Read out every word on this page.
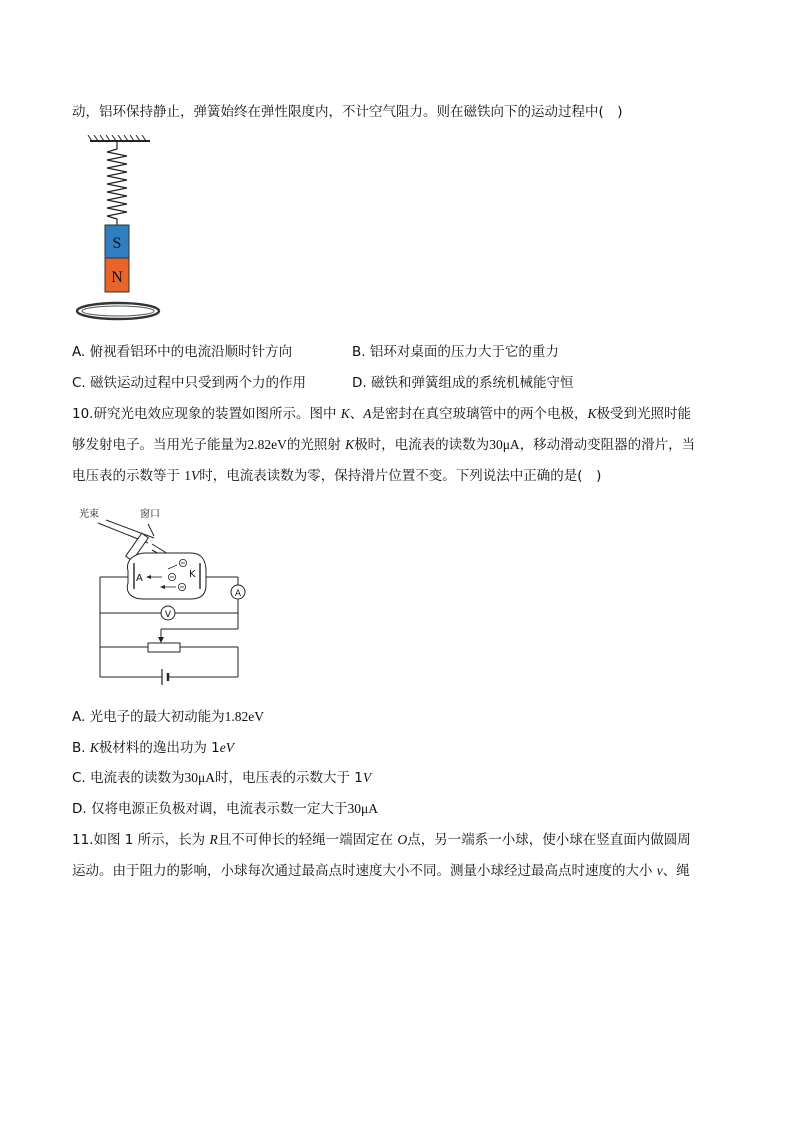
动，铝环保持静止，弹簧始终在弹性限度内，不计空气阻力。则在磁铁向下的运动过程中(　)
S
N
A. 俯视看铝环中的电流沿顺时针方向	B. 铝环对桌面的压力大于它的重力
C. 磁铁运动过程中只受到两个力的作用	D. 磁铁和弹簧组成的系统机械能守恒
10.研究光电效应现象的装置如图所示。图中 K、A是密封在真空玻璃管中的两个电极，K极受到光照时能
够发射电子。当用光子能量为2.82eV的光照射 K极时，电流表的读数为30μA，移动滑动变阻器的滑片，当
电压表的示数等于 1V时，电流表读数为零，保持滑片位置不变。下列说法中正确的是(　)
光束	窗口
A	K
A
V
A. 光电子的最大初动能为1.82eV
B. K极材料的逸出功为 1eV
C. 电流表的读数为30μA时，电压表的示数大于 1V
D. 仅将电源正负极对调，电流表示数一定大于30μA
11.如图 1 所示，长为 R且不可伸长的轻绳一端固定在 O点，另一端系一小球，使小球在竖直面内做圆周
运动。由于阻力的影响，小球每次通过最高点时速度大小不同。测量小球经过最高点时速度的大小 v、绳
